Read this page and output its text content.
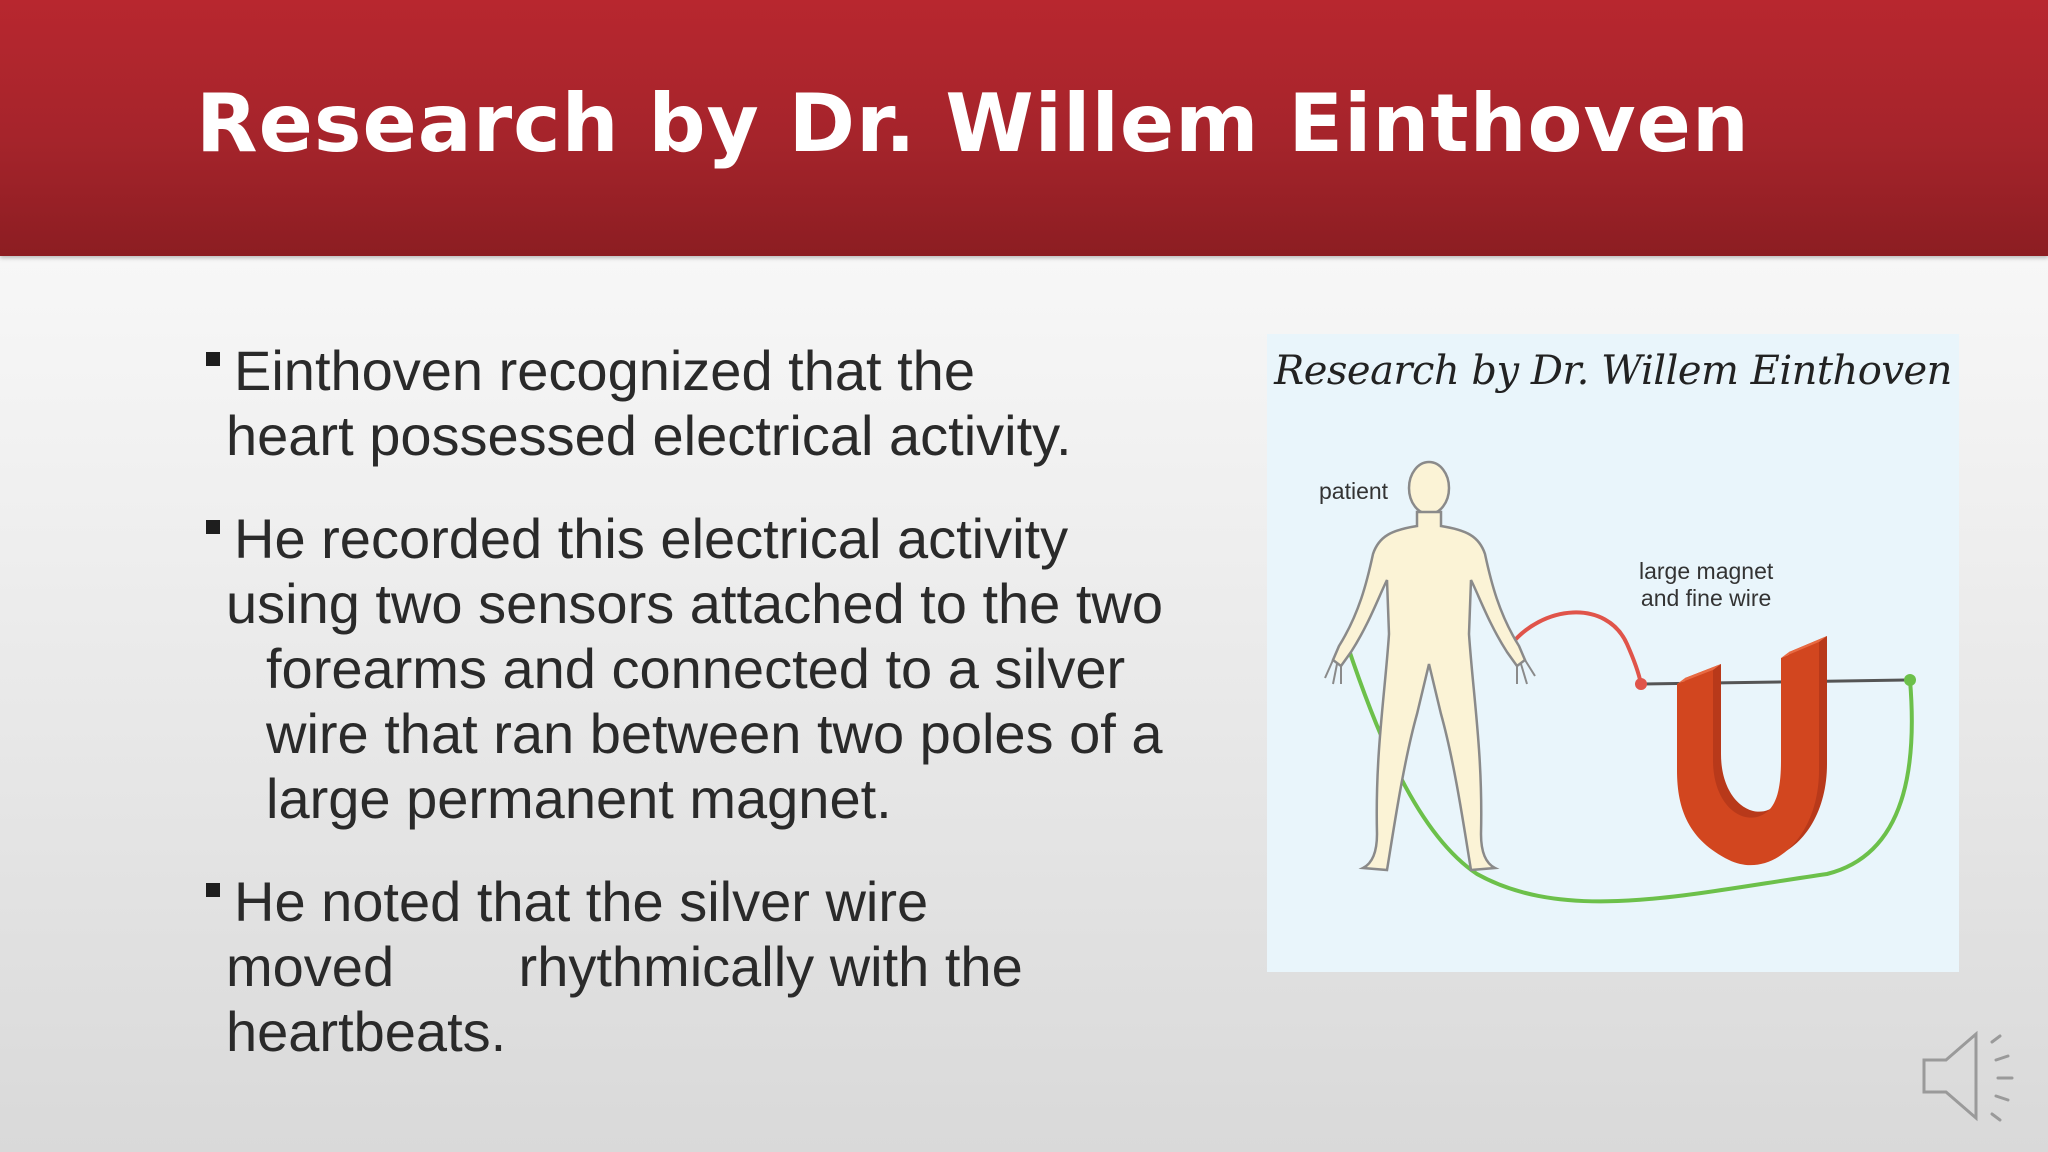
Research by Dr. Willem Einthoven
Einthoven recognized that the
heart possessed electrical activity.
He recorded this electrical activity
using two sensors attached to the two
forearms and connected to a silver
wire that ran between two poles of a
large permanent magnet.
He noted that the silver wire
moved        rhythmically with the
heartbeats.
Research by Dr. Willem Einthoven
patient
large magnet
and fine wire
